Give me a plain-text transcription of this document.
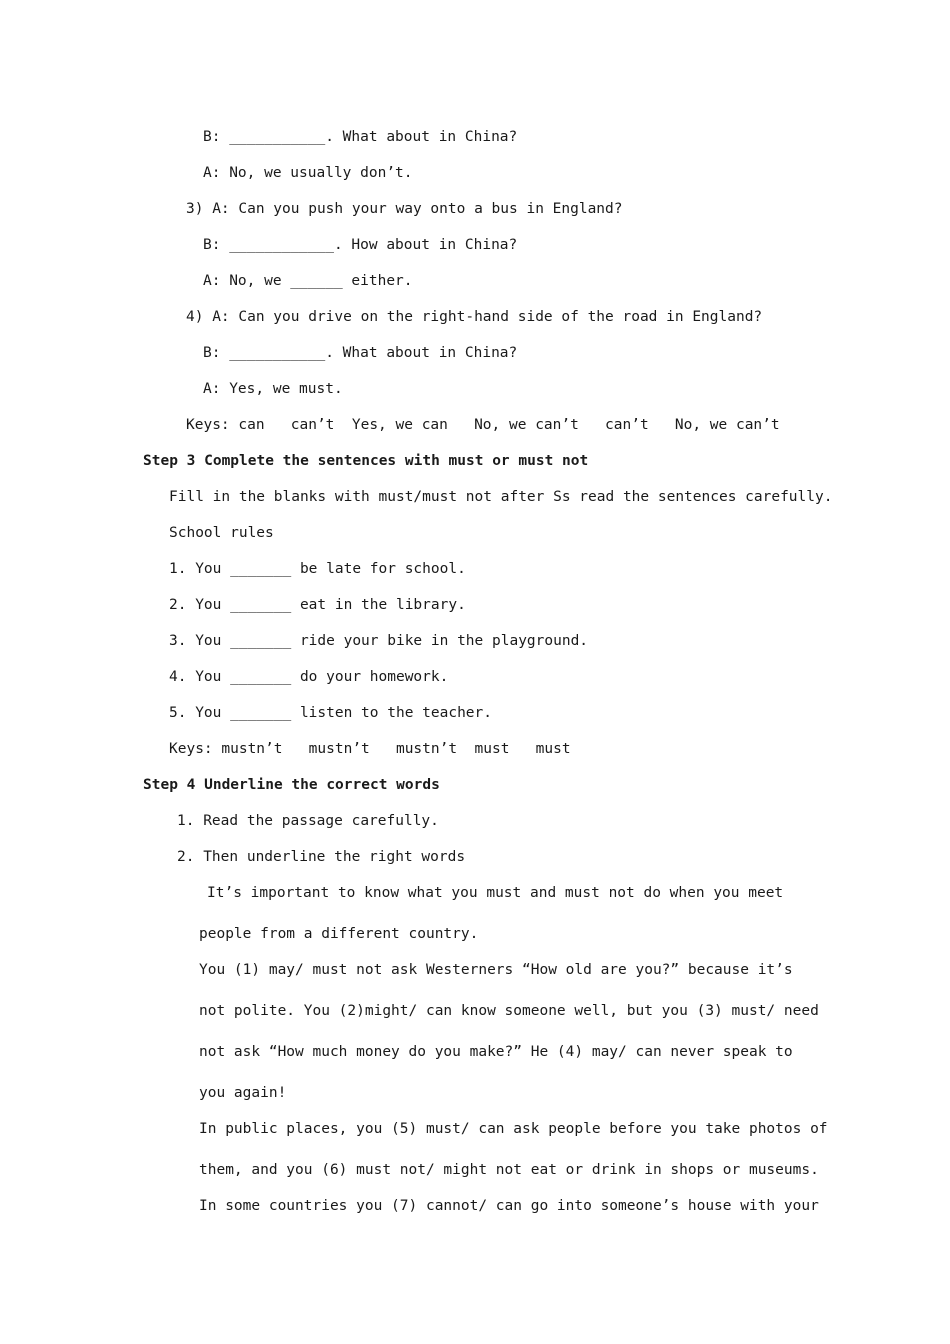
B: ___________. What about in China?
A: No, we usually don’t.
3) A: Can you push your way onto a bus in England?
B: ____________. How about in China?
A: No, we ______ either.
4) A: Can you drive on the right-hand side of the road in England?
B: ___________. What about in China?
A: Yes, we must.
Keys: can   can’t  Yes, we can   No, we can’t   can’t   No, we can’t
Step 3 Complete the sentences with must or must not
Fill in the blanks with must/must not after Ss read the sentences carefully.
School rules
1. You _______ be late for school.
2. You _______ eat in the library.
3. You _______ ride your bike in the playground.
4. You _______ do your homework.
5. You _______ listen to the teacher.
Keys: mustn’t   mustn’t   mustn’t  must   must
Step 4 Underline the correct words
1. Read the passage carefully.
2. Then underline the right words
It’s important to know what you must and must not do when you meet
people from a different country.
You (1) may/ must not ask Westerners “How old are you?” because it’s
not polite. You (2)might/ can know someone well, but you (3) must/ need
not ask “How much money do you make?” He (4) may/ can never speak to
you again!
In public places, you (5) must/ can ask people before you take photos of
them, and you (6) must not/ might not eat or drink in shops or museums.
In some countries you (7) cannot/ can go into someone’s house with your
